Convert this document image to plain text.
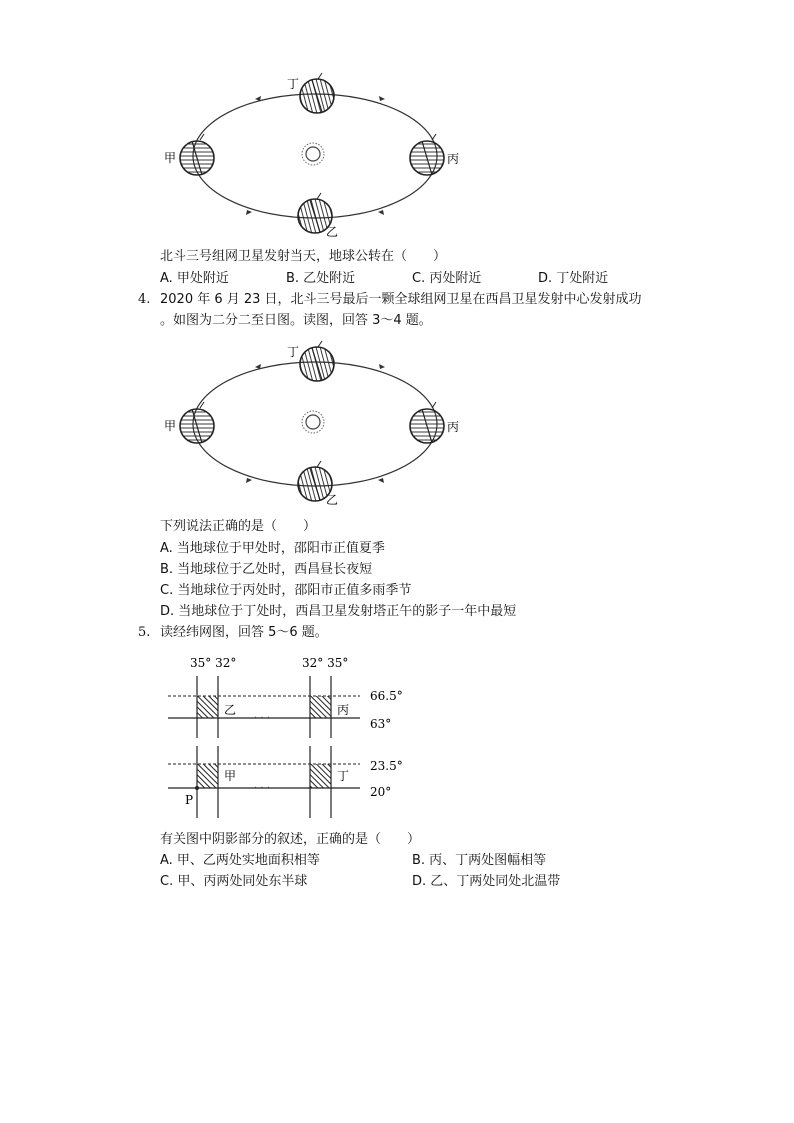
丁
甲	丙
乙
北斗三号组网卫星发射当天，地球公转在（　　）
A. 甲处附近	B. 乙处附近	C. 丙处附近	D. 丁处附近
4. 2020 年 6 月 23 日，北斗三号最后一颗全球组网卫星在西昌卫星发射中心发射成功
。如图为二分二至日图。读图，回答 3～4 题。
丁
甲	丙
乙
下列说法正确的是（　　）
A. 当地球位于甲处时，邵阳市正值夏季
B. 当地球位于乙处时，西昌昼长夜短
C. 当地球位于丙处时，邵阳市正值多雨季节
D. 当地球位于丁处时，西昌卫星发射塔正午的影子一年中最短
5. 读经纬网图，回答 5～6 题。
35° 32°	32° 35°
· · ·
· · ·
乙	丙
甲	丁
66.5°
63°
23.5°
20°
P
有关图中阴影部分的叙述，正确的是（　　）
A. 甲、乙两处实地面积相等	B. 丙、丁两处图幅相等
C. 甲、丙两处同处东半球	D. 乙、丁两处同处北温带
